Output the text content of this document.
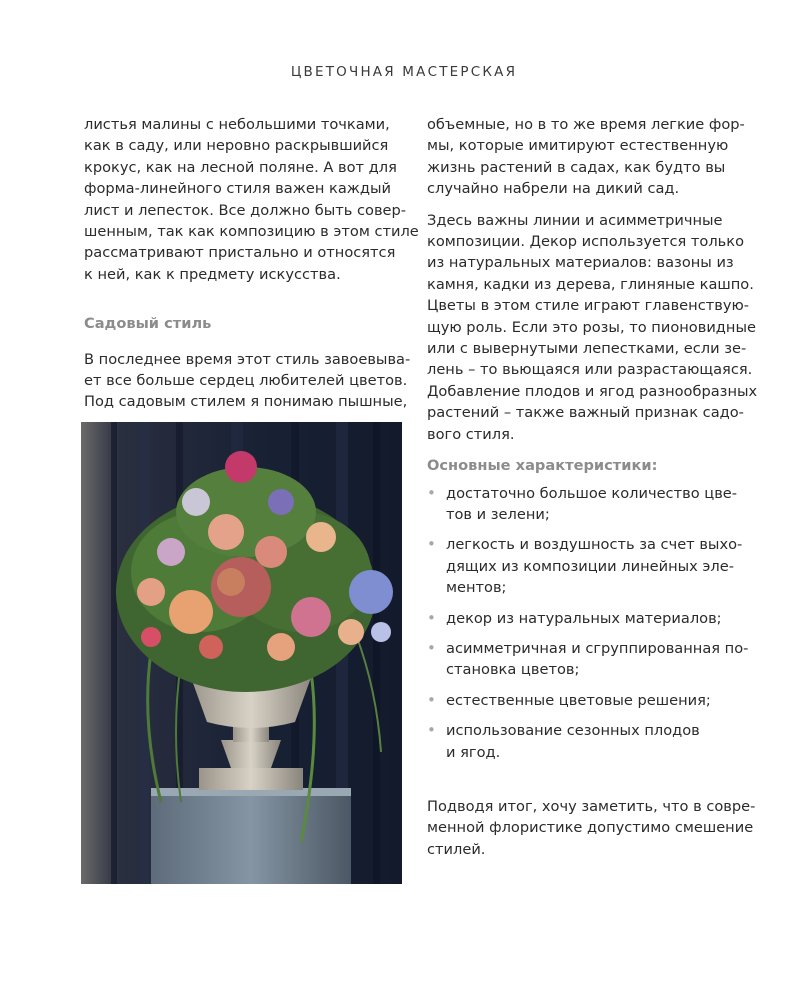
ЦВЕТОЧНАЯ МАСТЕРСКАЯ

листья малины с небольшими точками,
как в саду, или неровно раскрывшийся
крокус, как на лесной поляне. А вот для
форма-линейного стиля важен каждый
лист и лепесток. Все должно быть совер-
шенным, так как композицию в этом стиле
рассматривают пристально и относятся
к ней, как к предмету искусства.

Садовый стиль

В последнее время этот стиль завоевыва-
ет все больше сердец любителей цветов.
Под садовым стилем я понимаю пышные,

объемные, но в то же время легкие фор-
мы, которые имитируют естественную
жизнь растений в садах, как будто вы
случайно набрели на дикий сад.

Здесь важны линии и асимметричные
композиции. Декор используется только
из натуральных материалов: вазоны из
камня, кадки из дерева, глиняные кашпо.
Цветы в этом стиле играют главенствую-
щую роль. Если это розы, то пионовидные
или с вывернутыми лепестками, если зе-
лень – то вьющаяся или разрастающаяся.
Добавление плодов и ягод разнообразных
растений – также важный признак садо-
вого стиля.

Основные характеристики:
• достаточно большое количество цве-
тов и зелени;
• легкость и воздушность за счет выхо-
дящих из композиции линейных эле-
ментов;
• декор из натуральных материалов;
• асимметричная и сгруппированная по-
становка цветов;
• естественные цветовые решения;
• использование сезонных плодов
и ягод.

Подводя итог, хочу заметить, что в совре-
менной флористике допустимо смешение
стилей.
